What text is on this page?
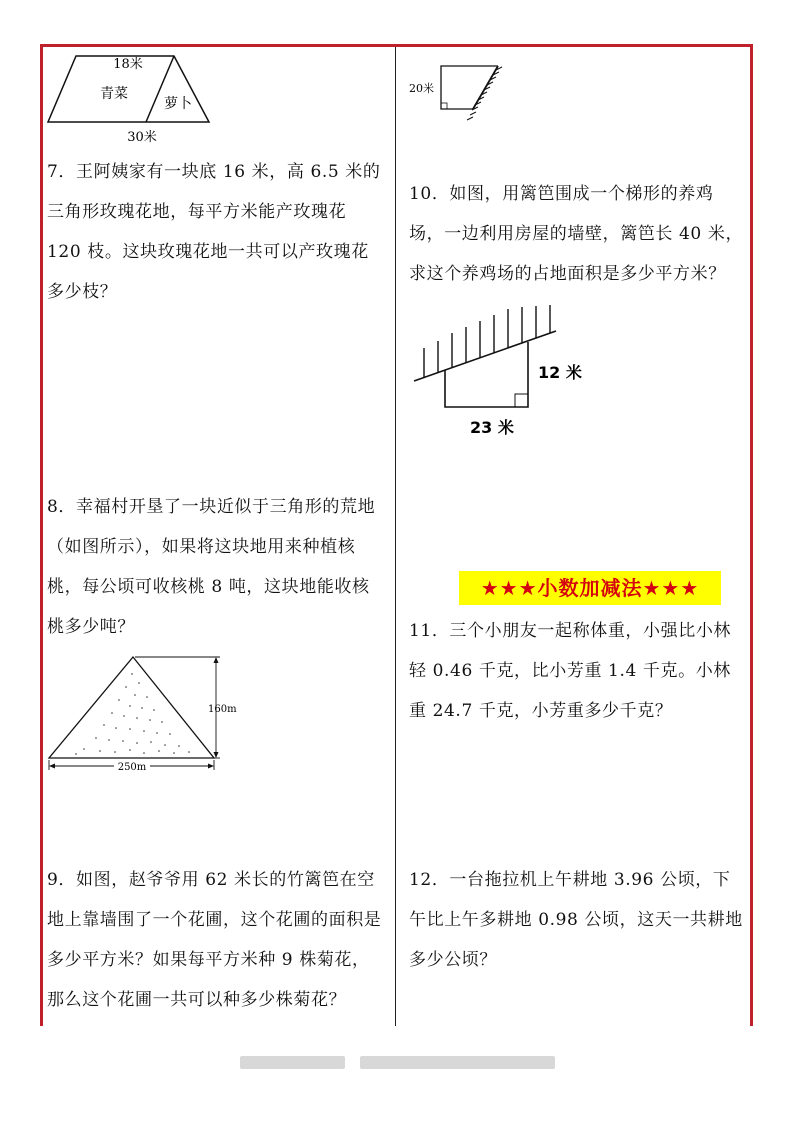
18米
青菜
萝卜
30米
20米
12 米
23 米
160m
250m

7．王阿姨家有一块底 16 米，高 6.5 米的三角形玫瑰花地，每平方米能产玫瑰花 120 枝。这块玫瑰花地一共可以产玫瑰花多少枝？

8．幸福村开垦了一块近似于三角形的荒地（如图所示），如果将这块地用来种植核桃，每公顷可收核桃 8 吨，这块地能收核桃多少吨？

9．如图，赵爷爷用 62 米长的竹篱笆在空地上靠墙围了一个花圃，这个花圃的面积是多少平方米？如果每平方米种 9 株菊花，那么这个花圃一共可以种多少株菊花？

10．如图，用篱笆围成一个梯形的养鸡场，一边利用房屋的墙壁，篱笆长 40 米，求这个养鸡场的占地面积是多少平方米？

★★★小数加减法★★★

11．三个小朋友一起称体重，小强比小林轻 0.46 千克，比小芳重 1.4 千克。小林重 24.7 千克，小芳重多少千克？

12．一台拖拉机上午耕地 3.96 公顷，下午比上午多耕地 0.98 公顷，这天一共耕地多少公顷？
